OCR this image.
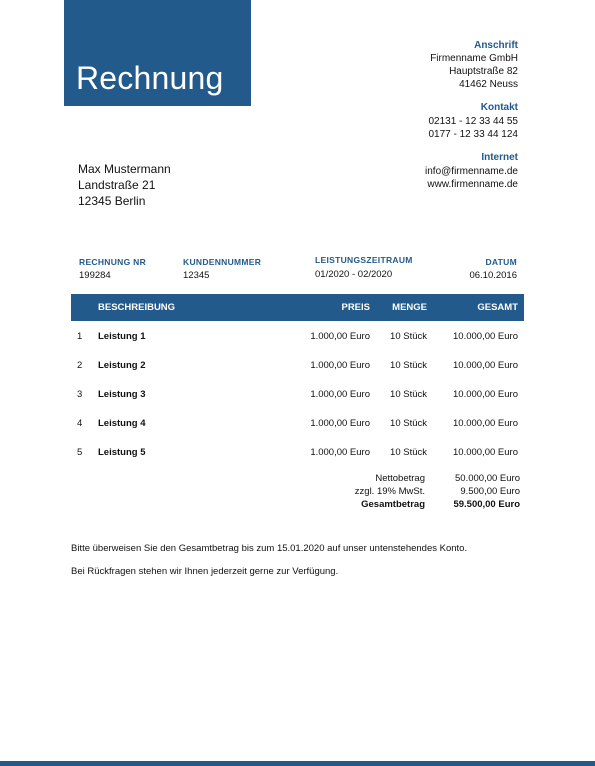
Rechnung
Anschrift
Firmenname GmbH
Hauptstraße 82
41462 Neuss
Kontakt
02131 - 12 33 44 55
0177 - 12 33 44 124
Internet
info@firmenname.de
www.firmenname.de
Max Mustermann
Landstraße 21
12345 Berlin
RECHNUNG NR
199284
KUNDENNUMMER
12345
LEISTUNGSZEITRAUM
01/2020 - 02/2020
DATUM
06.10.2016
BESCHREIBUNG	PREIS MENGE	GESAMT
1 Leistung 1	1.000,00 Euro 10 Stück	10.000,00 Euro
2 Leistung 2	1.000,00 Euro 10 Stück	10.000,00 Euro
3 Leistung 3	1.000,00 Euro 10 Stück	10.000,00 Euro
4 Leistung 4	1.000,00 Euro 10 Stück	10.000,00 Euro
5 Leistung 5	1.000,00 Euro 10 Stück	10.000,00 Euro
Nettobetrag	50.000,00 Euro
zzgl. 19% MwSt.	9.500,00 Euro
Gesamtbetrag	59.500,00 Euro
Bitte überweisen Sie den Gesamtbetrag bis zum 15.01.2020 auf unser untenstehendes Konto.
Bei Rückfragen stehen wir Ihnen jederzeit gerne zur Verfügung.
